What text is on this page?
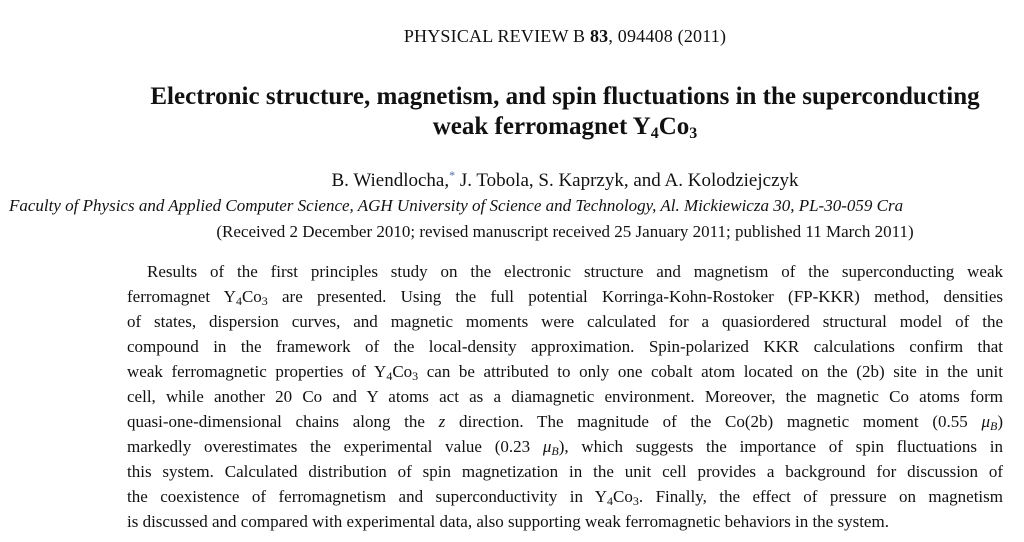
PHYSICAL REVIEW B 83, 094408 (2011)
Electronic structure, magnetism, and spin fluctuations in the superconducting
weak ferromagnet $Y_4Co_3$
B. Wiendlocha,* J. Tobola, S. Kaprzyk, and A. Kolodziejczyk
Faculty of Physics and Applied Computer Science, AGH University of Science and Technology, Al. Mickiewicza 30, PL-30-059 Cra
(Received 2 December 2010; revised manuscript received 25 January 2011; published 11 March 2011)
Results of the first principles study on the electronic structure and magnetism of the superconducting weak
ferromagnet $Y_4Co_3$ are presented. Using the full potential Korringa-Kohn-Rostoker (FP-KKR) method, densities
of states, dispersion curves, and magnetic moments were calculated for a quasiordered structural model of the
compound in the framework of the local-density approximation. Spin-polarized KKR calculations confirm that
weak ferromagnetic properties of $Y_4Co_3$ can be attributed to only one cobalt atom located on the (2b) site in the unit
cell, while another 20 Co and Y atoms act as a diamagnetic environment. Moreover, the magnetic Co atoms form
quasi-one-dimensional chains along the z direction. The magnitude of the Co(2b) magnetic moment (0.55 $\mu_B$)
markedly overestimates the experimental value (0.23 $\mu_B$), which suggests the importance of spin fluctuations in
this system. Calculated distribution of spin magnetization in the unit cell provides a background for discussion of
the coexistence of ferromagnetism and superconductivity in $Y_4Co_3$. Finally, the effect of pressure on magnetism
is discussed and compared with experimental data, also supporting weak ferromagnetic behaviors in the system.
